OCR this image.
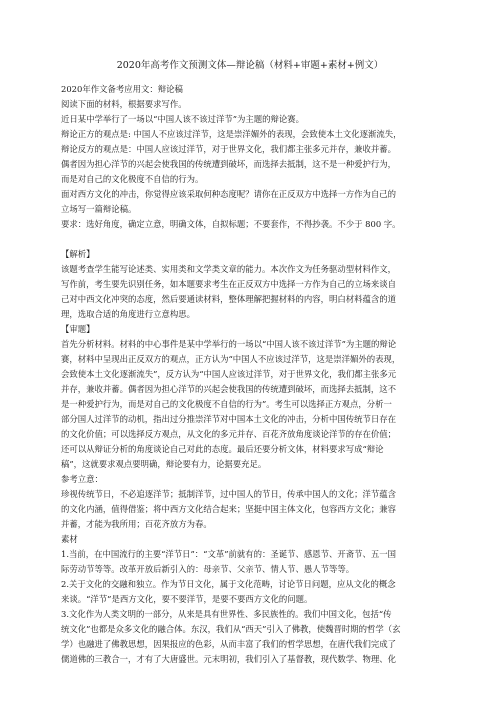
2020年高考作文预测文体—辩论稿（材料+审题+素材+例文）
2020年作文备考应用文：辩论稿
阅读下面的材料，根据要求写作。
近日某中学举行了一场以“中国人该不该过洋节”为主题的辩论赛。
辩论正方的观点是: 中国人不应该过洋节，这是崇洋媚外的表现，会致使本土文化逐渐流失，
辩论反方的观点是：中国人应该过洋节，对于世界文化，我们都主张多元并存，兼收并蓄。
偶者因为担心洋节的兴起会使我国的传统遭到破坏，而选择去抵制，这不是一种爱护行为，
而是对自己的文化极度不自信的行为。
面对西方文化的冲击，你觉得应该采取何种态度呢？请你在正反双方中选择一方作为自己的
立场写一篇辩论稿。
要求：选好角度，确定立意，明确文体，自拟标题；不要套作，不得抄袭。不少于 800 字。
【解析】
该题考查学生能写论述类、实用类和文学类文章的能力。本次作文为任务驱动型材料作文，
写作前，考生要先识别任务，如本题要求考生在正反双方中选择一方作为自己的立场来谈自
己对中西文化冲突的态度，然后要通读材料，整体理解把握材料的内容，明白材料蕴含的道
理，选取合适的角度进行立意构思。
【审题】
首先分析材料。材料的中心事件是某中学举行的一场以“中国人该不该过洋节”为主题的辩论
赛，材料中呈现出正反双方的观点，正方认为“中国人不应该过洋节，这是崇洋媚外的表现，
会致使本土文化逐渐流失”，反方认为“中国人应该过洋节，对于世界文化，我们都主张多元
并存，兼收并蓄。偶者因为担心洋节的兴起会使我国的传统遭到破坏，而选择去抵制，这不
是一种爱护行为，而是对自己的文化极度不自信的行为”。考生可以选择正方观点，分析一
部分国人过洋节的动机，指出过分推崇洋节对中国本土文化的冲击，分析中国传统节日存在
的文化价值；可以选择反方观点，从文化的多元并存、百花齐放角度谈论洋节的存在价值；
还可以从辩证分析的角度谈论自己对此的态度。最后还要分析文体，材料要求写成“辩论
稿”，这就要求观点要明确，辩论要有力，论据要充足。
参考立意：
珍视传统节日，不必追逐洋节；抵制洋节，过中国人的节日，传承中国人的文化；洋节蕴含
的文化内涵，值得借鉴；将中西方文化结合起来；坚挺中国主体文化，包容西方文化；兼容
并蓄，才能为我所用；百花齐放方为春。
素材
1.当前，在中国流行的主要“洋节日”：“文革”前就有的：圣诞节、感恩节、开斋节、五一国
际劳动节等等。改革开放后新引入的：母亲节、父亲节、情人节、愚人节等等。
2.关于文化的交融和独立。作为节日文化，属于文化范畴，讨论节日问题，应从文化的概念
来谈。“洋节”是西方文化，要不要洋节，是要不要西方文化的问题。
3.文化作为人类文明的一部分，从来是具有世界性、多民族性的。我们中国文化，包括“传
统文化”也都是众多文化的融合体。东汉，我们从“西天”引入了佛教，使魏晋时期的哲学（玄
学）也融进了佛教思想，因果报应的色彩，从而丰富了我们的哲学思想，在唐代我们完成了
儒道佛的三教合一，才有了大唐盛世。元末明初，我们引入了基督教，现代数学、物理、化
